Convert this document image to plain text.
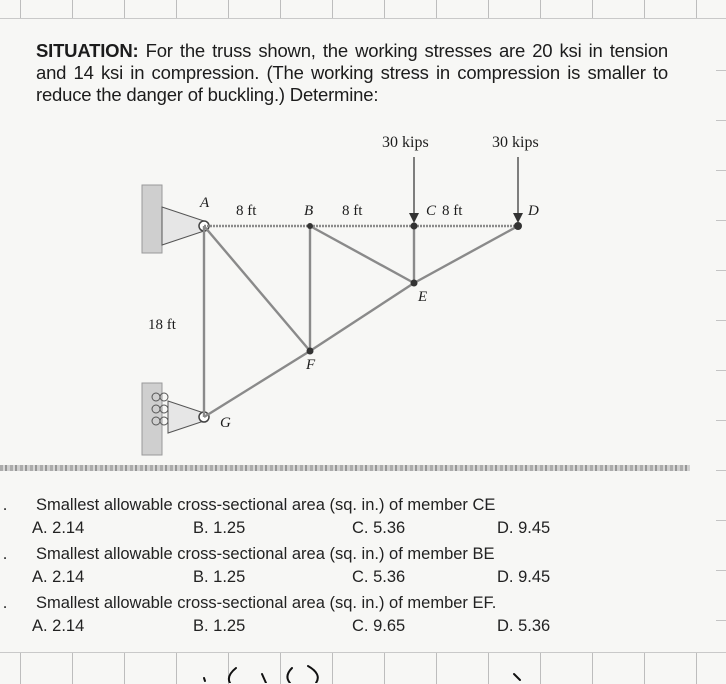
SITUATION: For the truss shown, the working stresses are 20 ksi in tension and 14 ksi in compression. (The working stress in compression is smaller to reduce the danger of buckling.) Determine:
30 kips	30 kips
A	B	C	D
E
F
G
8 ft	8 ft	8 ft
18 ft
. Smallest allowable cross-sectional area (sq. in.) of member CE
A. 2.14	B. 1.25	C. 5.36	D. 9.45
. Smallest allowable cross-sectional area (sq. in.) of member BE
A. 2.14	B. 1.25	C. 5.36	D. 9.45
. Smallest allowable cross-sectional area (sq. in.) of member EF.
A. 2.14	B. 1.25	C. 9.65	D. 5.36
